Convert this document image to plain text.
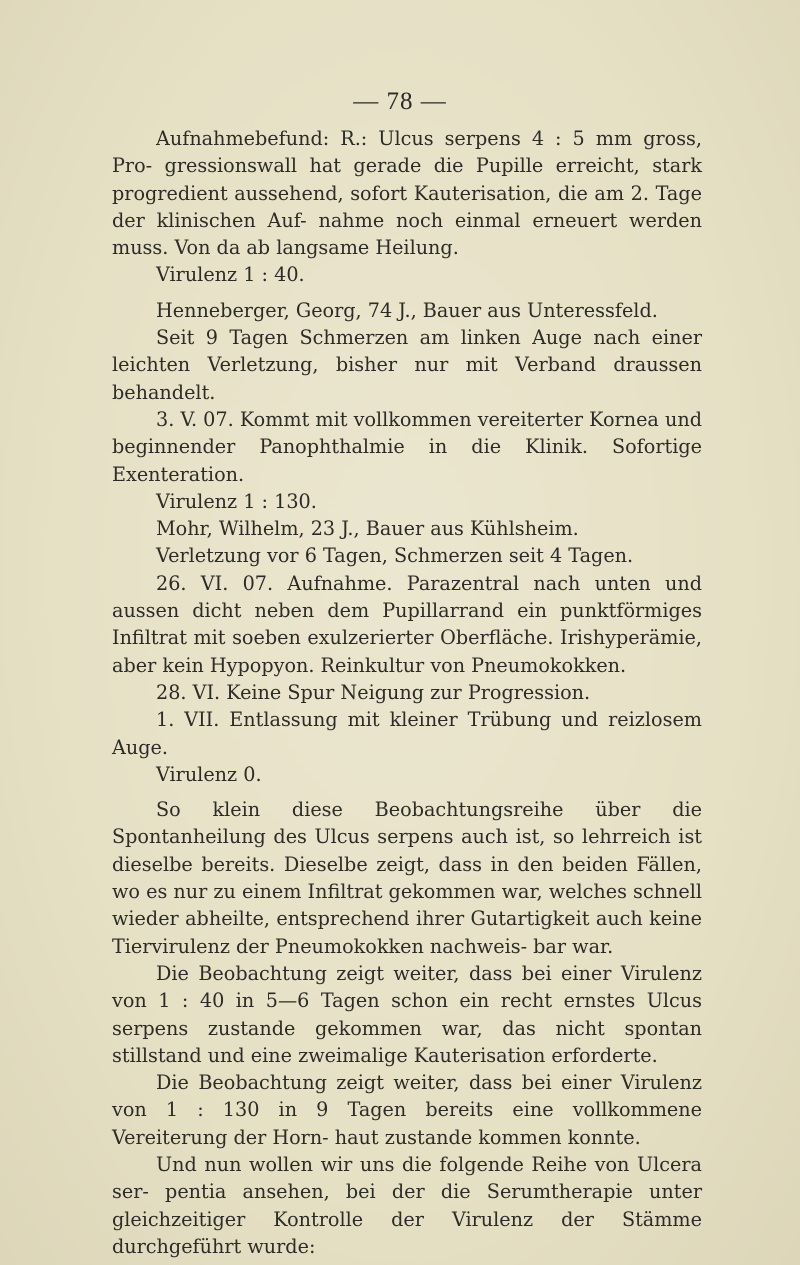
— 78 —

Aufnahmebefund: R.: Ulcus serpens 4 : 5 mm gross, Pro- gressionswall hat gerade die Pupille erreicht, stark progredient aussehend, sofort Kauterisation, die am 2. Tage der klinischen Auf- nahme noch einmal erneuert werden muss. Von da ab langsame Heilung.

Virulenz 1 : 40.

Henneberger, Georg, 74 J., Bauer aus Unteressfeld.

Seit 9 Tagen Schmerzen am linken Auge nach einer leichten Verletzung, bisher nur mit Verband draussen behandelt.

3. V. 07. Kommt mit vollkommen vereiterter Kornea und beginnender Panophthalmie in die Klinik. Sofortige Exenteration.

Virulenz 1 : 130.

Mohr, Wilhelm, 23 J., Bauer aus Kühlsheim.

Verletzung vor 6 Tagen, Schmerzen seit 4 Tagen.

26. VI. 07. Aufnahme. Parazentral nach unten und aussen dicht neben dem Pupillarrand ein punktförmiges Infiltrat mit soeben exulzerierter Oberfläche. Irishyperämie, aber kein Hypopyon. Reinkultur von Pneumokokken.

28. VI. Keine Spur Neigung zur Progression.

1. VII. Entlassung mit kleiner Trübung und reizlosem Auge.

Virulenz 0.

So klein diese Beobachtungsreihe über die Spontanheilung des Ulcus serpens auch ist, so lehrreich ist dieselbe bereits. Dieselbe zeigt, dass in den beiden Fällen, wo es nur zu einem Infiltrat gekommen war, welches schnell wieder abheilte, entsprechend ihrer Gutartigkeit auch keine Tiervirulenz der Pneumokokken nachweis- bar war.

Die Beobachtung zeigt weiter, dass bei einer Virulenz von 1 : 40 in 5—6 Tagen schon ein recht ernstes Ulcus serpens zustande gekommen war, das nicht spontan stillstand und eine zweimalige Kauterisation erforderte.

Die Beobachtung zeigt weiter, dass bei einer Virulenz von 1 : 130 in 9 Tagen bereits eine vollkommene Vereiterung der Horn- haut zustande kommen konnte.

Und nun wollen wir uns die folgende Reihe von Ulcera ser- pentia ansehen, bei der die Serumtherapie unter gleichzeitiger Kontrolle der Virulenz der Stämme durchgeführt wurde:
